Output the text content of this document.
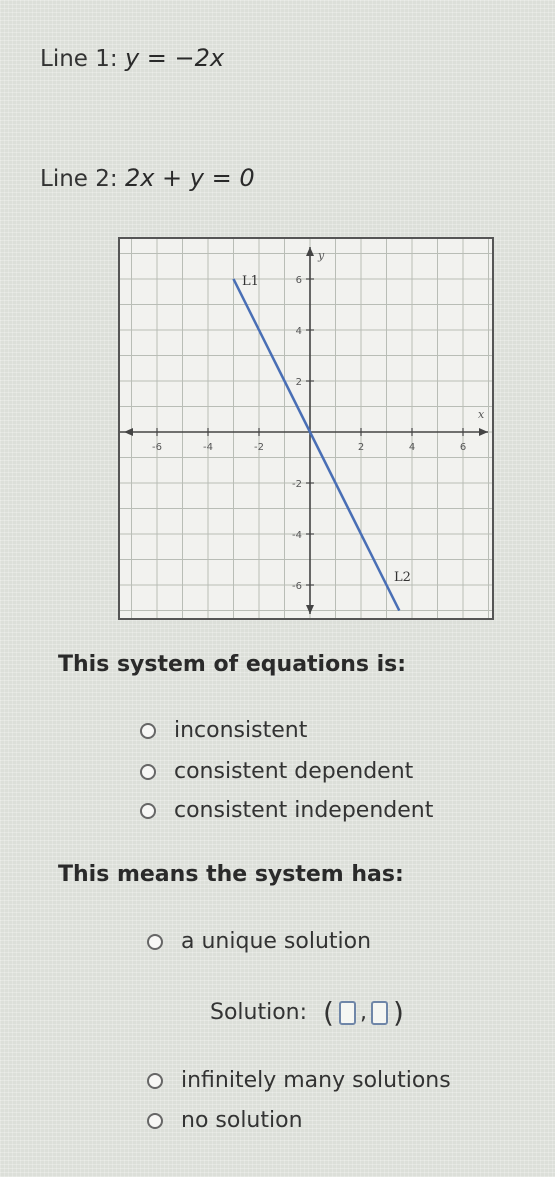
Line 1: y = −2x
Line 2: 2x + y = 0
-6	-4	-2	2	4	6
6
4
2
-2
-4
-6
x
y
L1
L2
This system of equations is:
inconsistent
consistent dependent
consistent independent
This means the system has:
a unique solution
Solution: ( , )
infinitely many solutions
no solution
